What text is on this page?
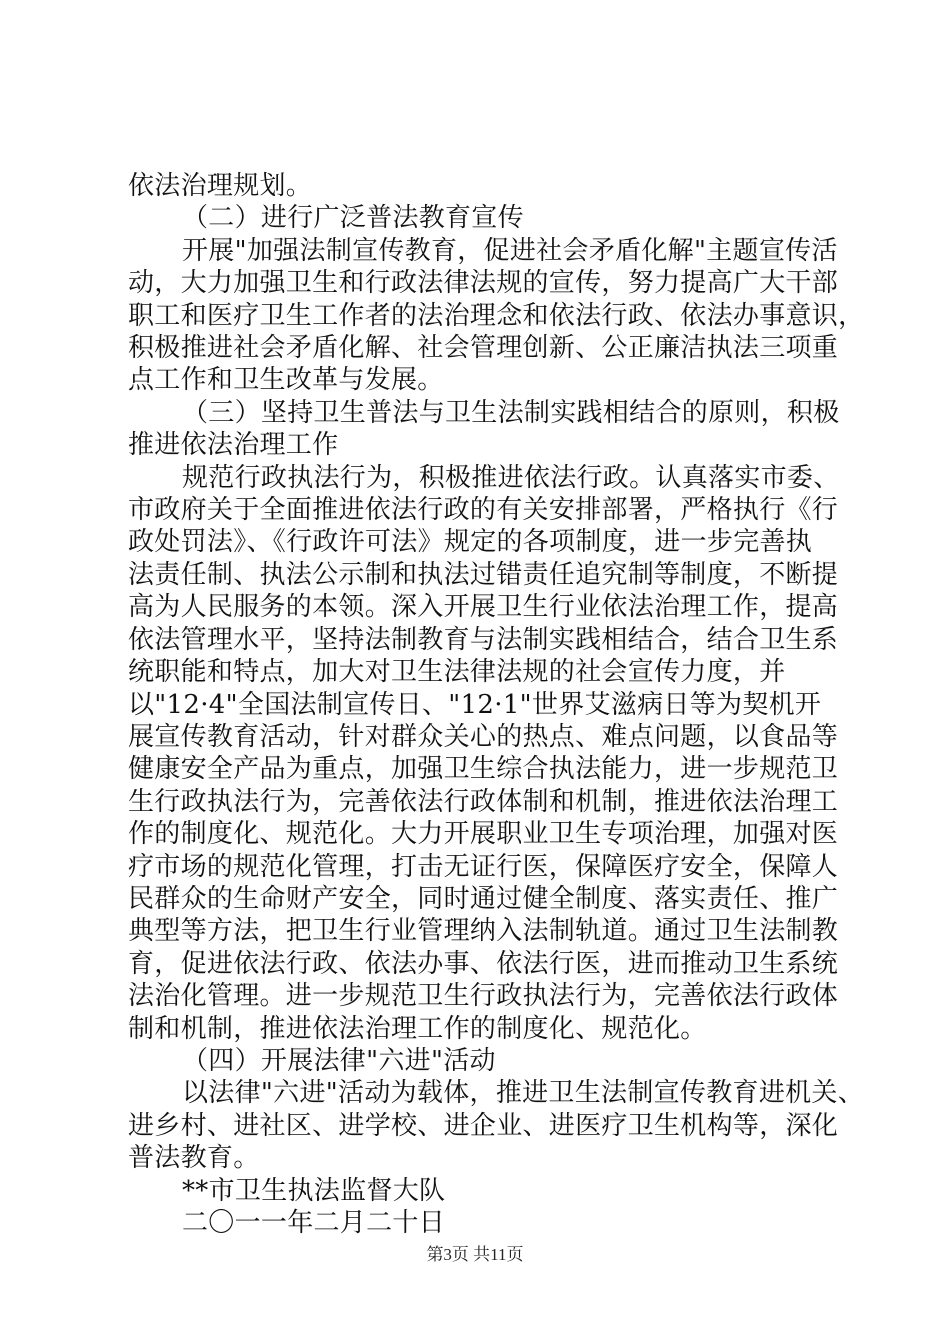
依法治理规划。
（二）进行广泛普法教育宣传
开展"加强法制宣传教育，促进社会矛盾化解"主题宣传活
动，大力加强卫生和行政法律法规的宣传，努力提高广大干部
职工和医疗卫生工作者的法治理念和依法行政、依法办事意识，
积极推进社会矛盾化解、社会管理创新、公正廉洁执法三项重
点工作和卫生改革与发展。
（三）坚持卫生普法与卫生法制实践相结合的原则，积极
推进依法治理工作
规范行政执法行为，积极推进依法行政。认真落实市委、
市政府关于全面推进依法行政的有关安排部署，严格执行《行
政处罚法》、《行政许可法》规定的各项制度，进一步完善执
法责任制、执法公示制和执法过错责任追究制等制度，不断提
高为人民服务的本领。深入开展卫生行业依法治理工作，提高
依法管理水平，坚持法制教育与法制实践相结合，结合卫生系
统职能和特点，加大对卫生法律法规的社会宣传力度，并
以"12·4"全国法制宣传日、"12·1"世界艾滋病日等为契机开
展宣传教育活动，针对群众关心的热点、难点问题，以食品等
健康安全产品为重点，加强卫生综合执法能力，进一步规范卫
生行政执法行为，完善依法行政体制和机制，推进依法治理工
作的制度化、规范化。大力开展职业卫生专项治理，加强对医
疗市场的规范化管理，打击无证行医，保障医疗安全，保障人
民群众的生命财产安全，同时通过健全制度、落实责任、推广
典型等方法，把卫生行业管理纳入法制轨道。通过卫生法制教
育，促进依法行政、依法办事、依法行医，进而推动卫生系统
法治化管理。进一步规范卫生行政执法行为，完善依法行政体
制和机制，推进依法治理工作的制度化、规范化。
（四）开展法律"六进"活动
以法律"六进"活动为载体，推进卫生法制宣传教育进机关、
进乡村、进社区、进学校、进企业、进医疗卫生机构等，深化
普法教育。
**市卫生执法监督大队
二〇一一年二月二十日
第3页 共11页
